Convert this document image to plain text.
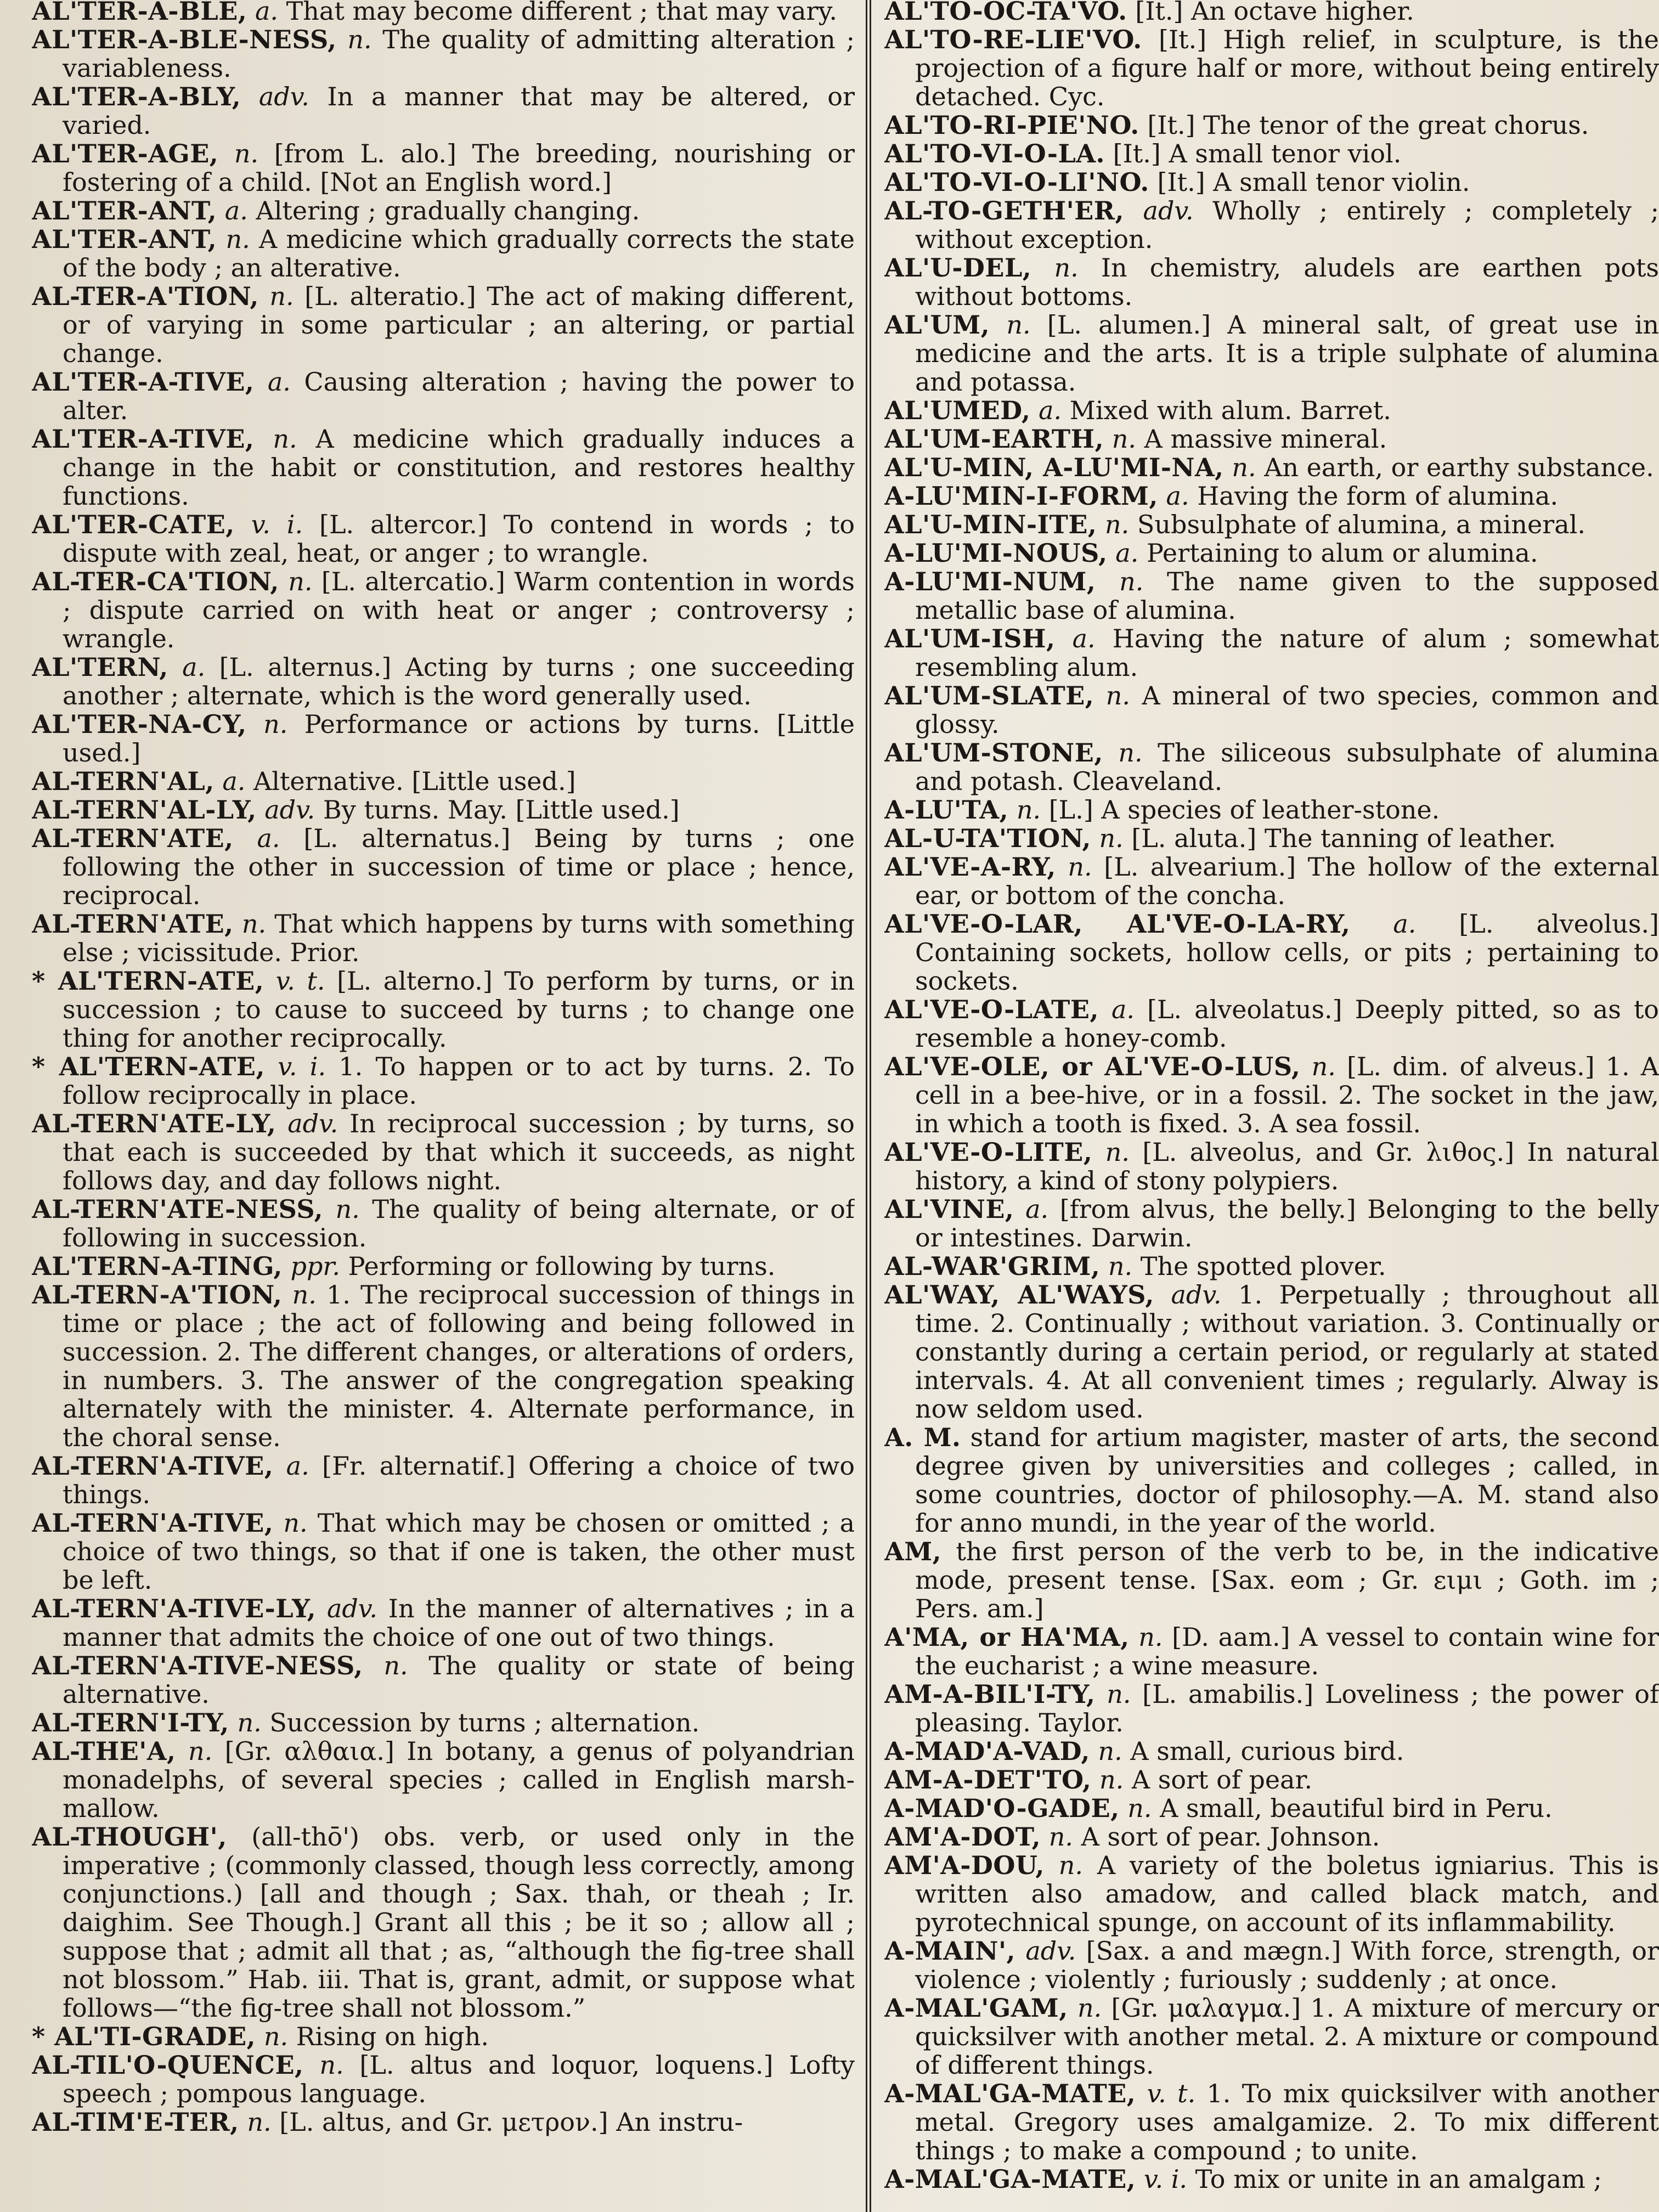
AL'TER-A-BLE, a. That may become different ; that may vary.

AL'TER-A-BLE-NESS, n. The quality of admitting alteration ; variableness.

AL'TER-A-BLY, adv. In a manner that may be altered, or varied.

AL'TER-AGE, n. [from L. alo.] The breeding, nourishing or fostering of a child. [Not an English word.]

AL'TER-ANT, a. Altering ; gradually changing.

AL'TER-ANT, n. A medicine which gradually corrects the state of the body ; an alterative.

AL-TER-A'TION, n. [L. alteratio.] The act of making different, or of varying in some particular ; an altering, or partial change.

AL'TER-A-TIVE, a. Causing alteration ; having the power to alter.

AL'TER-A-TIVE, n. A medicine which gradually induces a change in the habit or constitution, and restores healthy functions.

AL'TER-CATE, v. i. [L. altercor.] To contend in words ; to dispute with zeal, heat, or anger ; to wrangle.

AL-TER-CA'TION, n. [L. altercatio.] Warm contention in words ; dispute carried on with heat or anger ; controversy ; wrangle.

AL'TERN, a. [L. alternus.] Acting by turns ; one succeeding another ; alternate, which is the word generally used.

AL'TER-NA-CY, n. Performance or actions by turns. [Little used.]

AL-TERN'AL, a. Alternative. [Little used.]

AL-TERN'AL-LY, adv. By turns. May. [Little used.]

AL-TERN'ATE, a. [L. alternatus.] Being by turns ; one following the other in succession of time or place ; hence, reciprocal.

AL-TERN'ATE, n. That which happens by turns with something else ; vicissitude. Prior.

* AL'TERN-ATE, v. t. [L. alterno.] To perform by turns, or in succession ; to cause to succeed by turns ; to change one thing for another reciprocally.

* AL'TERN-ATE, v. i. 1. To happen or to act by turns. 2. To follow reciprocally in place.

AL-TERN'ATE-LY, adv. In reciprocal succession ; by turns, so that each is succeeded by that which it succeeds, as night follows day, and day follows night.

AL-TERN'ATE-NESS, n. The quality of being alternate, or of following in succession.

AL'TERN-A-TING, ppr. Performing or following by turns.

AL-TERN-A'TION, n. 1. The reciprocal succession of things in time or place ; the act of following and being followed in succession. 2. The different changes, or alterations of orders, in numbers. 3. The answer of the congregation speaking alternately with the minister. 4. Alternate performance, in the choral sense.

AL-TERN'A-TIVE, a. [Fr. alternatif.] Offering a choice of two things.

AL-TERN'A-TIVE, n. That which may be chosen or omitted ; a choice of two things, so that if one is taken, the other must be left.

AL-TERN'A-TIVE-LY, adv. In the manner of alternatives ; in a manner that admits the choice of one out of two things.

AL-TERN'A-TIVE-NESS, n. The quality or state of being alternative.

AL-TERN'I-TY, n. Succession by turns ; alternation.

AL-THE'A, n. [Gr. αλθαια.] In botany, a genus of polyandrian monadelphs, of several species ; called in English marsh-mallow.

AL-THOUGH', (all-thō') obs. verb, or used only in the imperative ; (commonly classed, though less correctly, among conjunctions.) [all and though ; Sax. thah, or theah ; Ir. daighim. See Though.] Grant all this ; be it so ; allow all ; suppose that ; admit all that ; as, “although the fig-tree shall not blossom.” Hab. iii. That is, grant, admit, or suppose what follows—“the fig-tree shall not blossom.”

* AL'TI-GRADE, n. Rising on high.

AL-TIL'O-QUENCE, n. [L. altus and loquor, loquens.] Lofty speech ; pompous language.

AL-TIM'E-TER, n. [L. altus, and Gr. μετρον.] An instru-

AL'TO-OC-TA'VO. [It.] An octave higher.

AL'TO-RE-LIE'VO. [It.] High relief, in sculpture, is the projection of a figure half or more, without being entirely detached. Cyc.

AL'TO-RI-PIE'NO. [It.] The tenor of the great chorus.

AL'TO-VI-O-LA. [It.] A small tenor viol.

AL'TO-VI-O-LI'NO. [It.] A small tenor violin.

AL-TO-GETH'ER, adv. Wholly ; entirely ; completely ; without exception.

AL'U-DEL, n. In chemistry, aludels are earthen pots without bottoms.

AL'UM, n. [L. alumen.] A mineral salt, of great use in medicine and the arts. It is a triple sulphate of alumina and potassa.

AL'UMED, a. Mixed with alum. Barret.

AL'UM-EARTH, n. A massive mineral.

AL'U-MIN, A-LU'MI-NA, n. An earth, or earthy substance.

A-LU'MIN-I-FORM, a. Having the form of alumina.

AL'U-MIN-ITE, n. Subsulphate of alumina, a mineral.

A-LU'MI-NOUS, a. Pertaining to alum or alumina.

A-LU'MI-NUM, n. The name given to the supposed metallic base of alumina.

AL'UM-ISH, a. Having the nature of alum ; somewhat resembling alum.

AL'UM-SLATE, n. A mineral of two species, common and glossy.

AL'UM-STONE, n. The siliceous subsulphate of alumina and potash. Cleaveland.

A-LU'TA, n. [L.] A species of leather-stone.

AL-U-TA'TION, n. [L. aluta.] The tanning of leather.

AL'VE-A-RY, n. [L. alvearium.] The hollow of the external ear, or bottom of the concha.

AL'VE-O-LAR, AL'VE-O-LA-RY, a. [L. alveolus.] Containing sockets, hollow cells, or pits ; pertaining to sockets.

AL'VE-O-LATE, a. [L. alveolatus.] Deeply pitted, so as to resemble a honey-comb.

AL'VE-OLE, or AL'VE-O-LUS, n. [L. dim. of alveus.] 1. A cell in a bee-hive, or in a fossil. 2. The socket in the jaw, in which a tooth is fixed. 3. A sea fossil.

AL'VE-O-LITE, n. [L. alveolus, and Gr. λιθος.] In natural history, a kind of stony polypiers.

AL'VINE, a. [from alvus, the belly.] Belonging to the belly or intestines. Darwin.

AL-WAR'GRIM, n. The spotted plover.

AL'WAY, AL'WAYS, adv. 1. Perpetually ; throughout all time. 2. Continually ; without variation. 3. Continually or constantly during a certain period, or regularly at stated intervals. 4. At all convenient times ; regularly. Alway is now seldom used.

A. M. stand for artium magister, master of arts, the second degree given by universities and colleges ; called, in some countries, doctor of philosophy.—A. M. stand also for anno mundi, in the year of the world.

AM, the first person of the verb to be, in the indicative mode, present tense. [Sax. eom ; Gr. ειμι ; Goth. im ; Pers. am.]

A'MA, or HA'MA, n. [D. aam.] A vessel to contain wine for the eucharist ; a wine measure.

AM-A-BIL'I-TY, n. [L. amabilis.] Loveliness ; the power of pleasing. Taylor.

A-MAD'A-VAD, n. A small, curious bird.

AM-A-DET'TO, n. A sort of pear.

A-MAD'O-GADE, n. A small, beautiful bird in Peru.

AM'A-DOT, n. A sort of pear. Johnson.

AM'A-DOU, n. A variety of the boletus igniarius. This is written also amadow, and called black match, and pyrotechnical spunge, on account of its inflammability.

A-MAIN', adv. [Sax. a and mægn.] With force, strength, or violence ; violently ; furiously ; suddenly ; at once.

A-MAL'GAM, n. [Gr. μαλαγμα.] 1. A mixture of mercury or quicksilver with another metal. 2. A mixture or compound of different things.

A-MAL'GA-MATE, v. t. 1. To mix quicksilver with another metal. Gregory uses amalgamize. 2. To mix different things ; to make a compound ; to unite.

A-MAL'GA-MATE, v. i. To mix or unite in an amalgam ;
